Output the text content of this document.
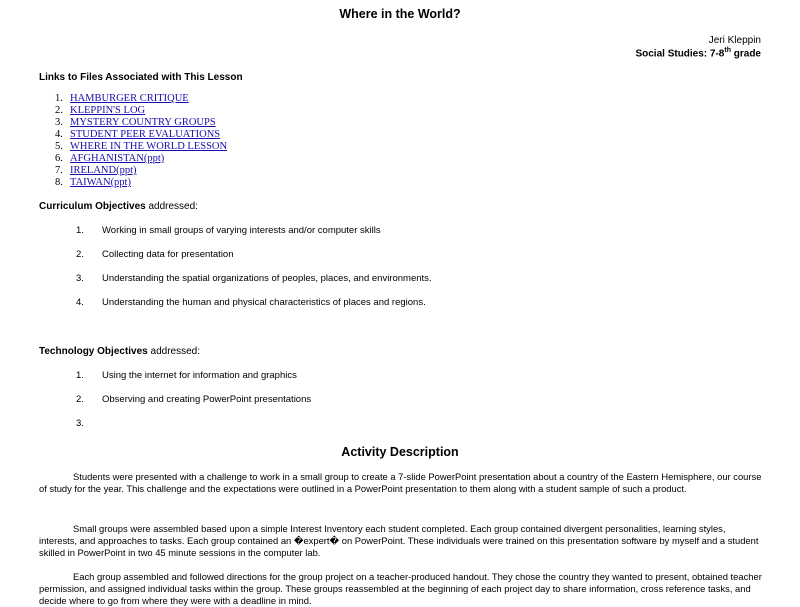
Where in the World?
Jeri Kleppin
Social Studies: 7-8th grade
Links to Files Associated with This Lesson
1. HAMBURGER CRITIQUE
2. KLEPPIN'S LOG
3. MYSTERY COUNTRY GROUPS
4. STUDENT PEER EVALUATIONS
5. WHERE IN THE WORLD LESSON
6. AFGHANISTAN(ppt)
7. IRELAND(ppt)
8. TAIWAN(ppt)
Curriculum Objectives addressed:
1. Working in small groups of varying interests and/or computer skills
2. Collecting data for presentation
3. Understanding the spatial organizations of peoples, places, and environments.
4. Understanding the human and physical characteristics of places and regions.
Technology Objectives addressed:
1. Using the internet for information and graphics
2. Observing and creating PowerPoint presentations
3.
Activity Description

Students were presented with a challenge to work in a small group to create a 7-slide PowerPoint presentation about a country of the Eastern Hemisphere, our course of study for the year. This challenge and the expectations were outlined in a PowerPoint presentation to them along with a student sample of such a product.

Small groups were assembled based upon a simple Interest Inventory each student completed. Each group contained divergent personalities, learning styles, interests, and approaches to tasks. Each group contained an �expert� on PowerPoint. These individuals were trained on this presentation software by myself and a student skilled in PowerPoint in two 45 minute sessions in the computer lab.

Each group assembled and followed directions for the group project on a teacher-produced handout. They chose the country they wanted to present, obtained teacher permission, and assigned individual tasks within the group. These groups reassembled at the beginning of each project day to share information, cross reference tasks, and decide where to go from where they were with a deadline in mind.
